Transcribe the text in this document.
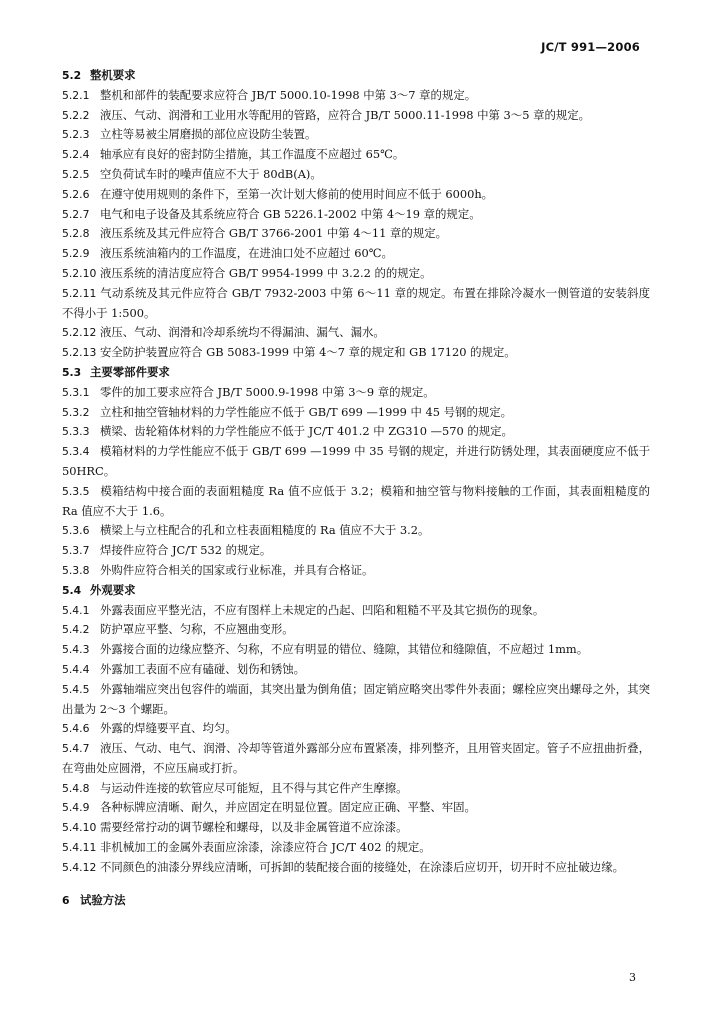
JC/T 991—2006
5.2 整机要求
5.2.1 整机和部件的装配要求应符合 JB/T 5000.10-1998 中第 3～7 章的规定。
5.2.2 液压、气动、润滑和工业用水等配用的管路，应符合 JB/T 5000.11-1998 中第 3～5 章的规定。
5.2.3 立柱等易被尘屑磨损的部位应设防尘装置。
5.2.4 轴承应有良好的密封防尘措施，其工作温度不应超过 65℃。
5.2.5 空负荷试车时的噪声值应不大于 80dB(A)。
5.2.6 在遵守使用规则的条件下，至第一次计划大修前的使用时间应不低于 6000h。
5.2.7 电气和电子设备及其系统应符合 GB 5226.1-2002 中第 4～19 章的规定。
5.2.8 液压系统及其元件应符合 GB/T 3766-2001 中第 4～11 章的规定。
5.2.9 液压系统油箱内的工作温度，在进油口处不应超过 60℃。
5.2.10 液压系统的清洁度应符合 GB/T 9954-1999 中 3.2.2 的的规定。
5.2.11 气动系统及其元件应符合 GB/T 7932-2003 中第 6～11 章的规定。布置在排除冷凝水一侧管道的安装斜度不得小于 1:500。
5.2.12 液压、气动、润滑和冷却系统均不得漏油、漏气、漏水。
5.2.13 安全防护装置应符合 GB 5083-1999 中第 4～7 章的规定和 GB 17120 的规定。
5.3 主要零部件要求
5.3.1 零件的加工要求应符合 JB/T 5000.9-1998 中第 3～9 章的规定。
5.3.2 立柱和抽空管轴材料的力学性能应不低于 GB/T 699 —1999 中 45 号钢的规定。
5.3.3 横梁、齿轮箱体材料的力学性能应不低于 JC/T 401.2 中 ZG310 —570 的规定。
5.3.4 模箱材料的力学性能应不低于 GB/T 699 —1999 中 35 号钢的规定，并进行防锈处理，其表面硬度应不低于 50HRC。
5.3.5 模箱结构中接合面的表面粗糙度 Ra 值不应低于 3.2；模箱和抽空管与物料接触的工作面，其表面粗糙度的 Ra 值应不大于 1.6。
5.3.6 横梁上与立柱配合的孔和立柱表面粗糙度的 Ra 值应不大于 3.2。
5.3.7 焊接件应符合 JC/T 532 的规定。
5.3.8 外购件应符合相关的国家或行业标准，并具有合格证。
5.4 外观要求
5.4.1 外露表面应平整光洁，不应有图样上未规定的凸起、凹陷和粗糙不平及其它损伤的现象。
5.4.2 防护罩应平整、匀称，不应翘曲变形。
5.4.3 外露接合面的边缘应整齐、匀称，不应有明显的错位、缝隙，其错位和缝隙值，不应超过 1mm。
5.4.4 外露加工表面不应有磕碰、划伤和锈蚀。
5.4.5 外露轴端应突出包容件的端面，其突出量为倒角值；固定销应略突出零件外表面；螺栓应突出螺母之外，其突出量为 2～3 个螺距。
5.4.6 外露的焊缝要平直、均匀。
5.4.7 液压、气动、电气、润滑、冷却等管道外露部分应布置紧凑，排列整齐，且用管夹固定。管子不应扭曲折叠，在弯曲处应圆滑，不应压扁或打折。
5.4.8 与运动件连接的软管应尽可能短，且不得与其它件产生摩擦。
5.4.9 各种标牌应清晰、耐久，并应固定在明显位置。固定应正确、平整、牢固。
5.4.10 需要经常拧动的调节螺栓和螺母，以及非金属管道不应涂漆。
5.4.11 非机械加工的金属外表面应涂漆，涂漆应符合 JC/T 402 的规定。
5.4.12 不同颜色的油漆分界线应清晰，可拆卸的装配接合面的接缝处，在涂漆后应切开，切开时不应扯破边缘。
6 试验方法
3
